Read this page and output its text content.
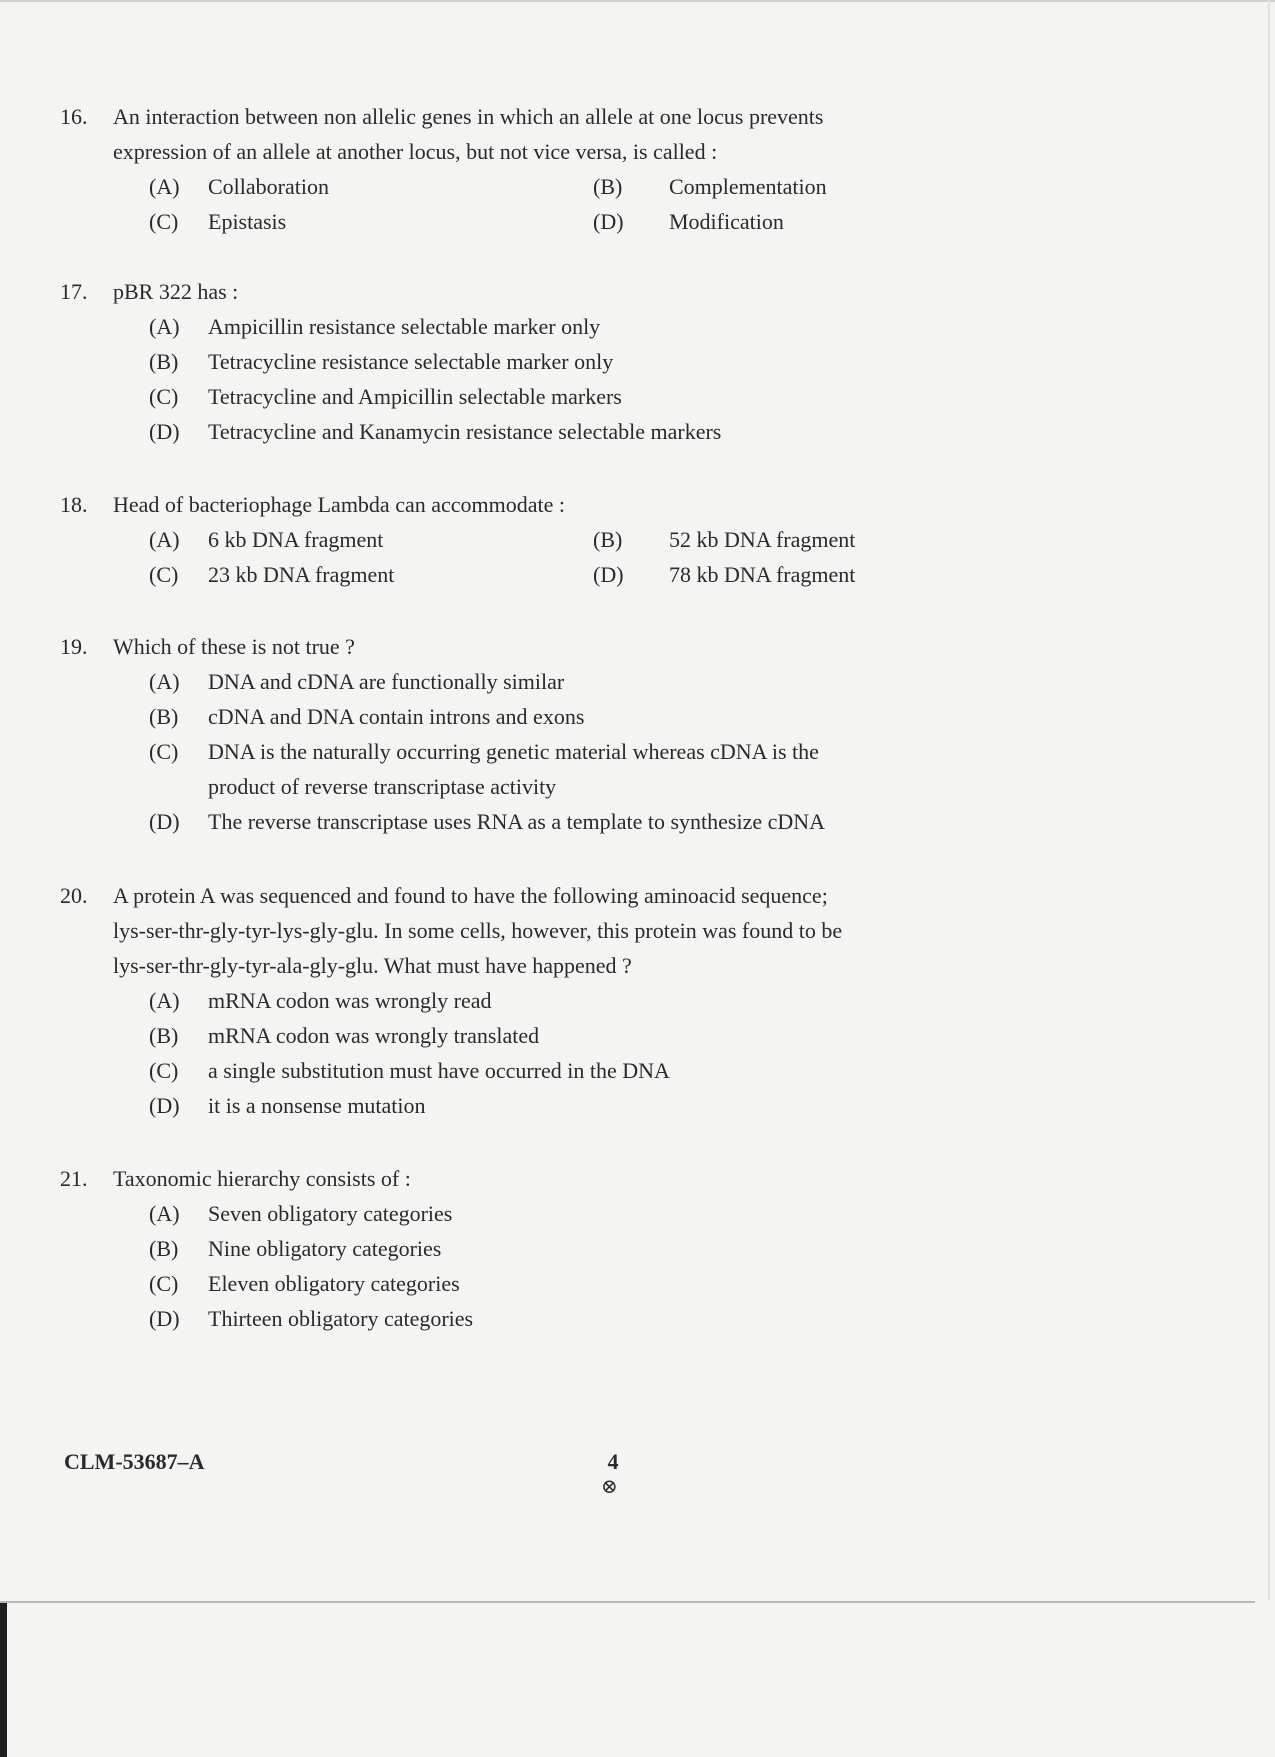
16. An interaction between non allelic genes in which an allele at one locus prevents
expression of an allele at another locus, but not vice versa, is called :
(A) Collaboration	(B) Complementation
(C) Epistasis	(D) Modification
17. pBR 322 has :
(A) Ampicillin resistance selectable marker only
(B) Tetracycline resistance selectable marker only
(C) Tetracycline and Ampicillin selectable markers
(D) Tetracycline and Kanamycin resistance selectable markers
18. Head of bacteriophage Lambda can accommodate :
(A) 6 kb DNA fragment	(B) 52 kb DNA fragment
(C) 23 kb DNA fragment	(D) 78 kb DNA fragment
19. Which of these is not true ?
(A) DNA and cDNA are functionally similar
(B) cDNA and DNA contain introns and exons
(C) DNA is the naturally occurring genetic material whereas cDNA is the
product of reverse transcriptase activity
(D) The reverse transcriptase uses RNA as a template to synthesize cDNA
20. A protein A was sequenced and found to have the following aminoacid sequence;
lys-ser-thr-gly-tyr-lys-gly-glu. In some cells, however, this protein was found to be
lys-ser-thr-gly-tyr-ala-gly-glu. What must have happened ?
(A) mRNA codon was wrongly read
(B) mRNA codon was wrongly translated
(C) a single substitution must have occurred in the DNA
(D) it is a nonsense mutation
21. Taxonomic hierarchy consists of :
(A) Seven obligatory categories
(B) Nine obligatory categories
(C) Eleven obligatory categories
(D) Thirteen obligatory categories
CLM-53687–A	4
⊗
